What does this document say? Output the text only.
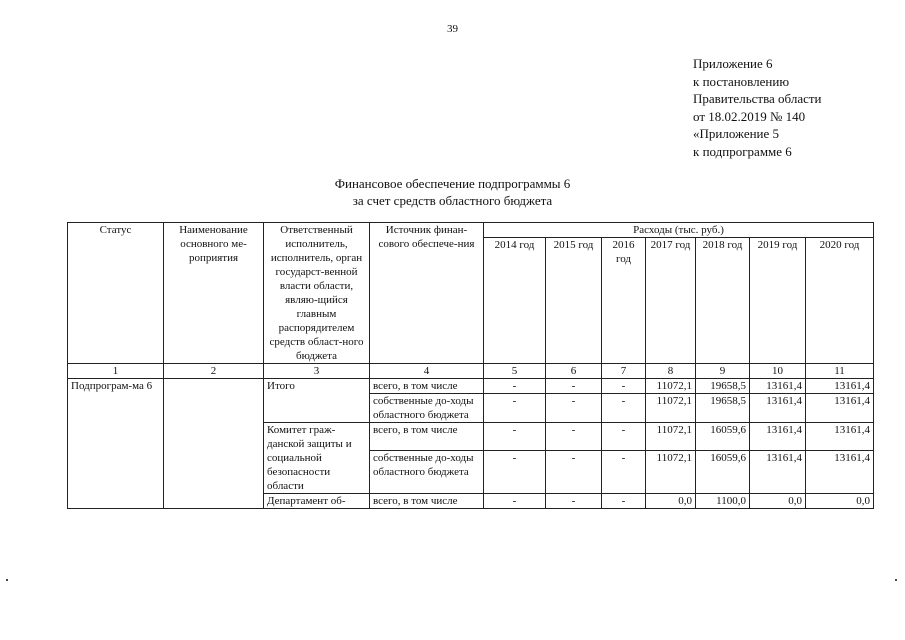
39
Приложение 6
к постановлению
Правительства области
от 18.02.2019 № 140
«Приложение 5
к подпрограмме 6
Финансовое обеспечение подпрограммы 6
за счет средств областного бюджета
Статус	Наименование основного ме-роприятия	Ответственный исполнитель, исполнитель, орган государст-венной власти области, являю-щийся главным распорядителем средств област-ного бюджета	Источник финан-сового обеспече-ния	Расходы (тыс. руб.)						
				2014 год	2015 год	2016 год	2017 год	2018 год	2019 год	2020 год
1	2	3	4	5	6	7	8	9	10	11
Подпрограм-ма 6		Итого	всего, в том числе	-	-	-	11072,1	19658,5	13161,4	13161,4
			собственные до-ходы областного бюджета	-	-	-	11072,1	19658,5	13161,4	13161,4
		Комитет граж-данской защиты и социальной безопасности области	всего, в том числе	-	-	-	11072,1	16059,6	13161,4	13161,4
			собственные до-ходы областного бюджета	-	-	-	11072,1	16059,6	13161,4	13161,4
		Департамент об-	всего, в том числе	-	-	-	0,0	1100,0	0,0	0,0
